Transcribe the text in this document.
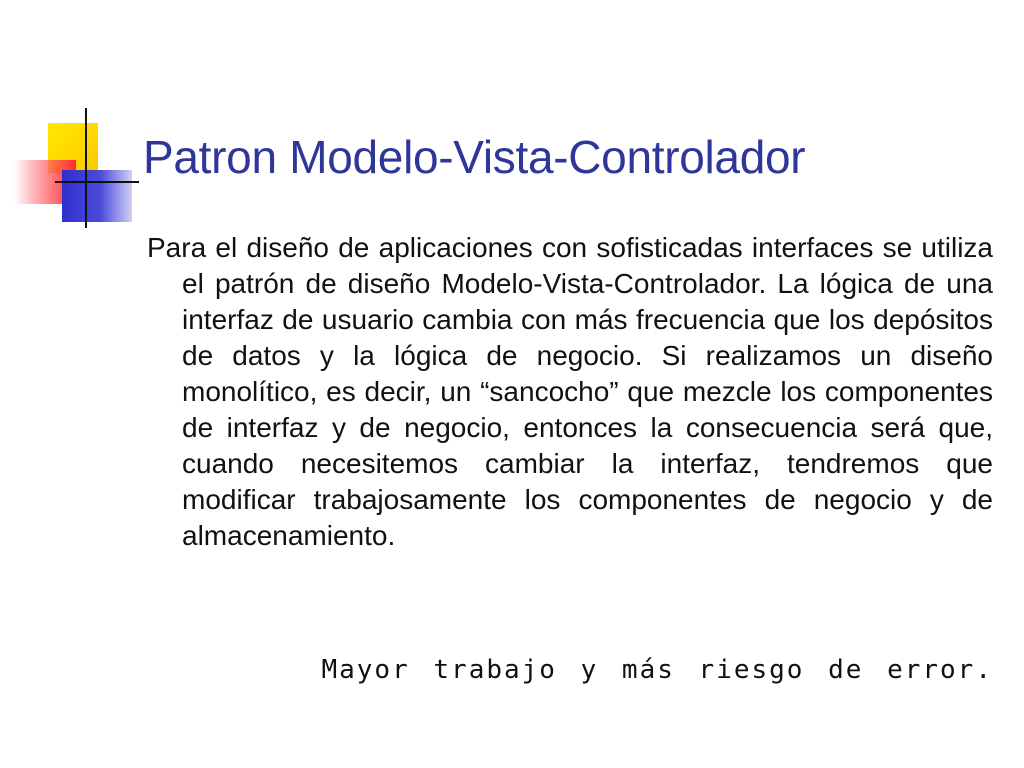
Patron Modelo-Vista-Controlador

Para el diseño de aplicaciones con sofisticadas interfaces se utiliza el patrón de diseño Modelo-Vista-Controlador. La lógica de una interfaz de usuario cambia con más frecuencia que los depósitos de datos y la lógica de negocio. Si realizamos un diseño monolítico, es decir, un “sancocho” que mezcle los componentes de interfaz y de negocio, entonces la consecuencia será que, cuando necesitemos cambiar la interfaz, tendremos que modificar trabajosamente los componentes de negocio y de almacenamiento.

Mayor trabajo y más riesgo de error.
